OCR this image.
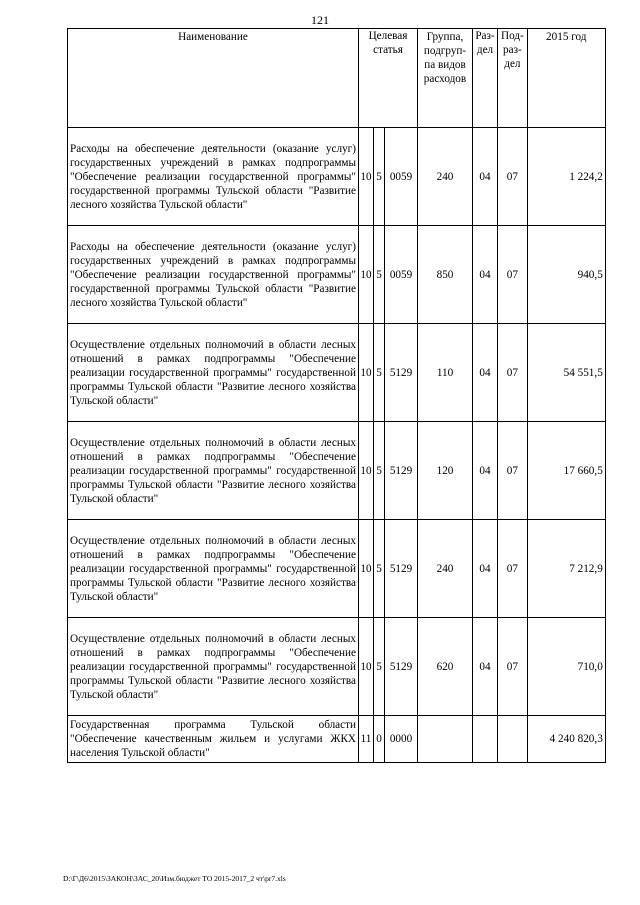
121
Наименование	Целевая статья			Группа, подгруп-па видов расходов	Раз-дел	Под-раз-дел	2015 год
Расходы на обеспечение деятельности (оказание услуг) государственных учреждений в рамках подпрограммы "Обеспечение реализации государственной программы" государственной программы Тульской области "Развитие лесного хозяйства Тульской области"	10	5	0059	240	04	07	1 224,2
Расходы на обеспечение деятельности (оказание услуг) государственных учреждений в рамках подпрограммы "Обеспечение реализации государственной программы" государственной программы Тульской области "Развитие лесного хозяйства Тульской области"	10	5	0059	850	04	07	940,5
Осуществление отдельных полномочий в области лесных отношений в рамках подпрограммы "Обеспечение реализации государственной программы" государственной программы Тульской области "Развитие лесного хозяйства Тульской области"	10	5	5129	110	04	07	54 551,5
Осуществление отдельных полномочий в области лесных отношений в рамках подпрограммы "Обеспечение реализации государственной программы" государственной программы Тульской области "Развитие лесного хозяйства Тульской области"	10	5	5129	120	04	07	17 660,5
Осуществление отдельных полномочий в области лесных отношений в рамках подпрограммы "Обеспечение реализации государственной программы" государственной программы Тульской области "Развитие лесного хозяйства Тульской области"	10	5	5129	240	04	07	7 212,9
Осуществление отдельных полномочий в области лесных отношений в рамках подпрограммы "Обеспечение реализации государственной программы" государственной программы Тульской области "Развитие лесного хозяйства Тульской области"	10	5	5129	620	04	07	710,0
Государственная программа Тульской области "Обеспечение качественным жильем и услугами ЖКХ населения Тульской области"	11	0	0000				4 240 820,3
D:\Г\Д6\2015\ЗАКОН\ЗАС_20\Изм.бюджет ТО 2015-2017_2 чт\pr7.xls
